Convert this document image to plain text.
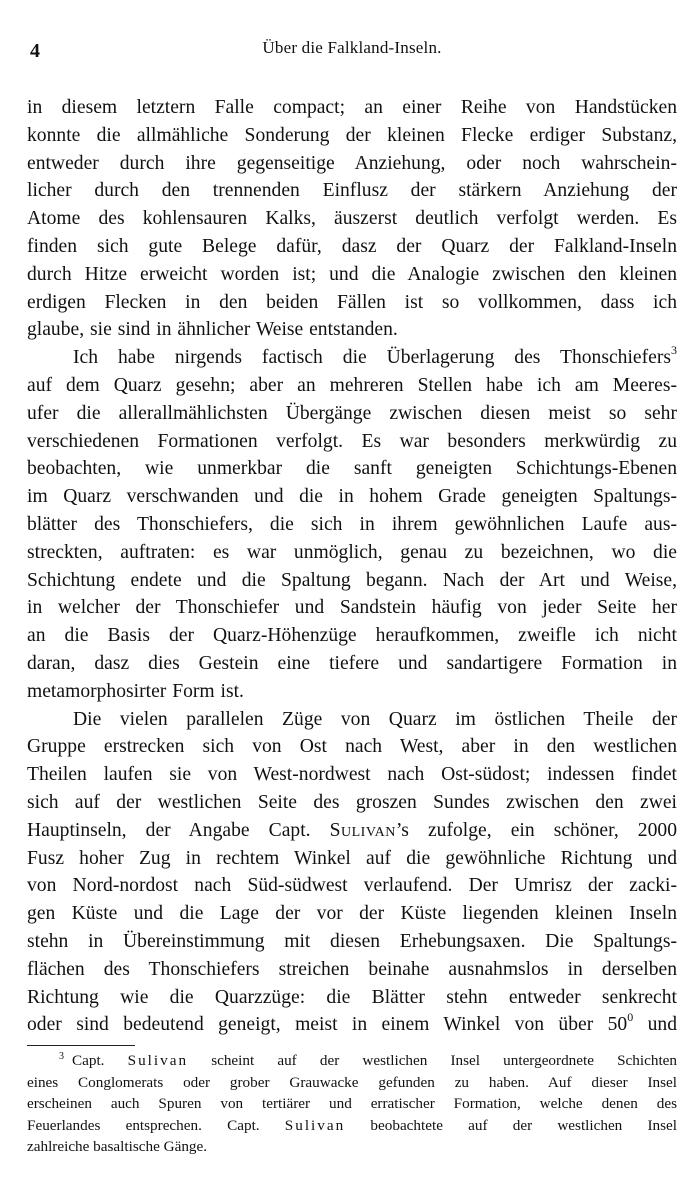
4	Über die Falkland-Inseln.
in diesem letztern Falle compact; an einer Reihe von Handstücken
konnte die allmähliche Sonderung der kleinen Flecke erdiger Substanz,
entweder durch ihre gegenseitige Anziehung, oder noch wahrschein-
licher durch den trennenden Einflusz der stärkern Anziehung der
Atome des kohlensauren Kalks, äuszerst deutlich verfolgt werden. Es
finden sich gute Belege dafür, dasz der Quarz der Falkland-Inseln
durch Hitze erweicht worden ist; und die Analogie zwischen den kleinen
erdigen Flecken in den beiden Fällen ist so vollkommen, dass ich
glaube, sie sind in ähnlicher Weise entstanden.
Ich habe nirgends factisch die Überlagerung des Thonschiefers$^3$
auf dem Quarz gesehn; aber an mehreren Stellen habe ich am Meeres-
ufer die allerallmählichsten Übergänge zwischen diesen meist so sehr
verschiedenen Formationen verfolgt. Es war besonders merkwürdig zu
beobachten, wie unmerkbar die sanft geneigten Schichtungs-Ebenen
im Quarz verschwanden und die in hohem Grade geneigten Spaltungs-
blätter des Thonschiefers, die sich in ihrem gewöhnlichen Laufe aus-
streckten, auftraten: es war unmöglich, genau zu bezeichnen, wo die
Schichtung endete und die Spaltung begann. Nach der Art und Weise,
in welcher der Thonschiefer und Sandstein häufig von jeder Seite her
an die Basis der Quarz-Höhenzüge heraufkommen, zweifle ich nicht
daran, dasz dies Gestein eine tiefere und sandartigere Formation in
metamorphosirter Form ist.
Die vielen parallelen Züge von Quarz im östlichen Theile der
Gruppe erstrecken sich von Ost nach West, aber in den westlichen
Theilen laufen sie von West-nordwest nach Ost-südost; indessen findet
sich auf der westlichen Seite des groszen Sundes zwischen den zwei
Hauptinseln, der Angabe Capt. Sulivan’s zufolge, ein schöner, 2000
Fusz hoher Zug in rechtem Winkel auf die gewöhnliche Richtung und
von Nord-nordost nach Süd-südwest verlaufend. Der Umrisz der zacki-
gen Küste und die Lage der vor der Küste liegenden kleinen Inseln
stehn in Übereinstimmung mit diesen Erhebungsaxen. Die Spaltungs-
flächen des Thonschiefers streichen beinahe ausnahmslos in derselben
Richtung wie die Quarzzüge: die Blätter stehn entweder senkrecht
oder sind bedeutend geneigt, meist in einem Winkel von über $50^0$ und
$^3$ Capt. Sulivan scheint auf der westlichen Insel untergeordnete Schichten
eines Conglomerats oder grober Grauwacke gefunden zu haben. Auf dieser Insel
erscheinen auch Spuren von tertiärer und erratischer Formation, welche denen des
Feuerlandes entsprechen. Capt. Sulivan beobachtete auf der westlichen Insel
zahlreiche basaltische Gänge.
